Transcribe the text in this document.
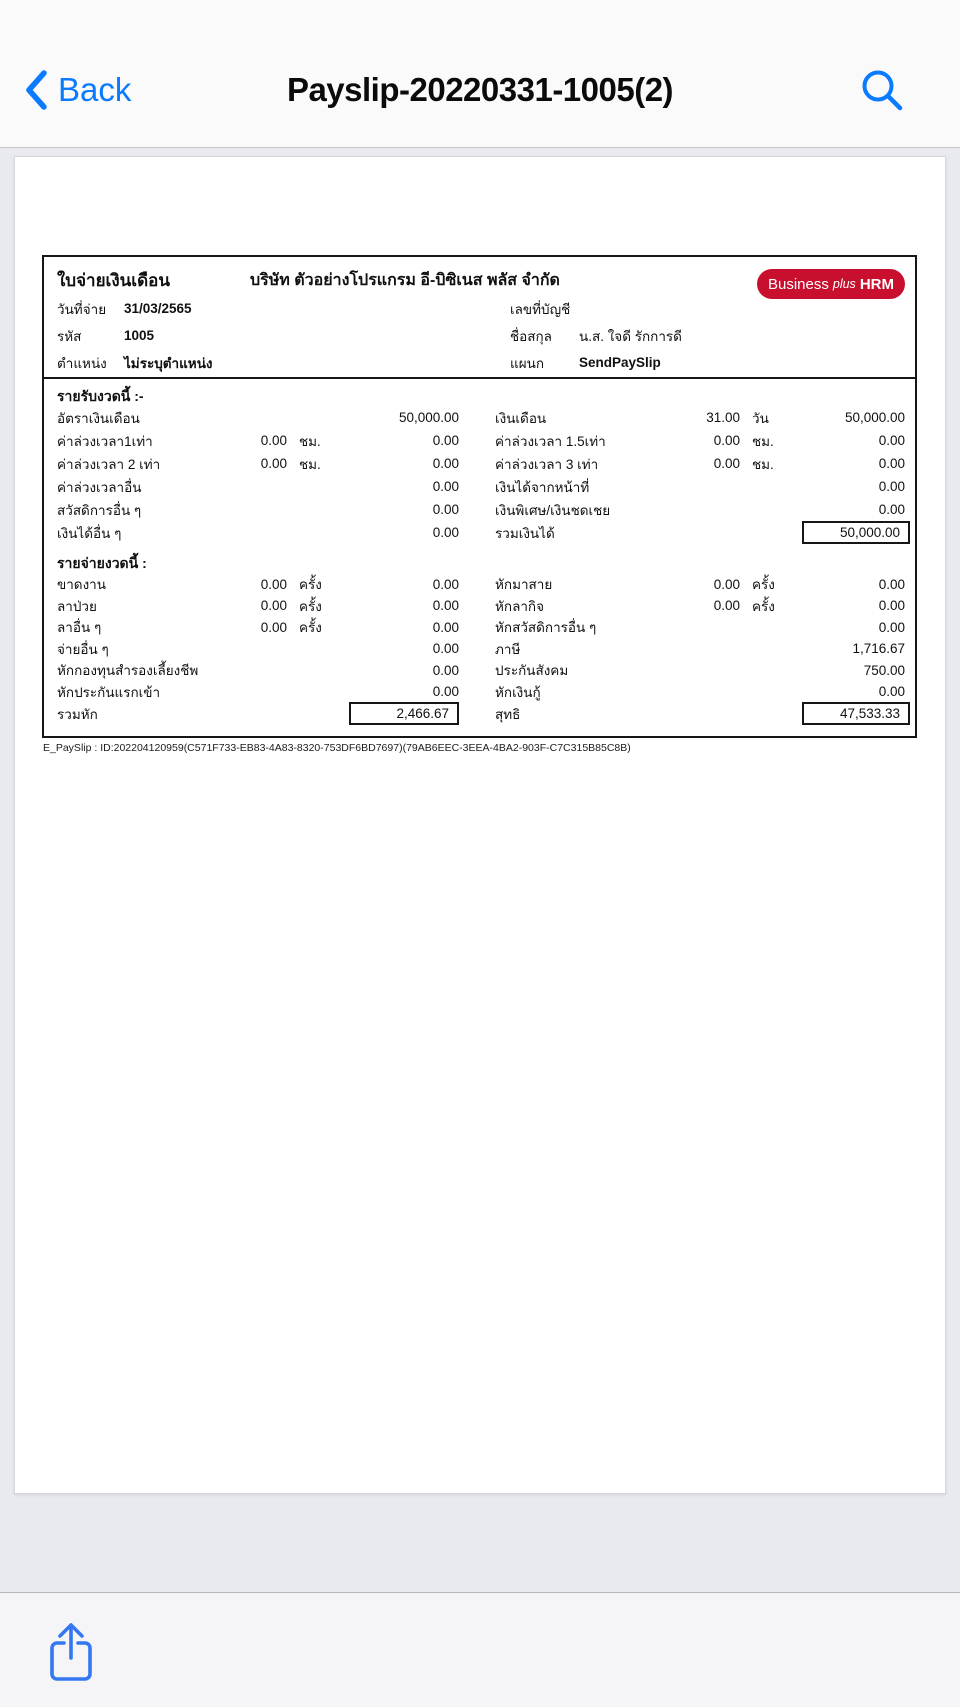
Back	Payslip-20220331-1005(2)
ใบจ่ายเงินเดือน	บริษัท ตัวอย่างโปรแกรม อี-บิซิเนส พลัส จำกัด	Business plus HRM
วันที่จ่าย	31/03/2565	เลขที่บัญชี
รหัส	1005	ชื่อสกุล	น.ส. ใจดี รักการดี
ตำแหน่ง	ไม่ระบุตำแหน่ง	แผนก	SendPaySlip
รายรับงวดนี้ :-
อัตราเงินเดือน	50,000.00	เงินเดือน	31.00 วัน	50,000.00
ค่าล่วงเวลา1เท่า	0.00 ชม.	0.00	ค่าล่วงเวลา 1.5เท่า	0.00 ชม.	0.00
ค่าล่วงเวลา 2 เท่า	0.00 ชม.	0.00	ค่าล่วงเวลา 3 เท่า	0.00 ชม.	0.00
ค่าล่วงเวลาอื่น	0.00	เงินได้จากหน้าที่	0.00
สวัสดิการอื่น ๆ	0.00	เงินพิเศษ/เงินชดเชย	0.00
เงินได้อื่น ๆ	0.00	รวมเงินได้	50,000.00
รายจ่ายงวดนี้ :
ขาดงาน	0.00 ครั้ง	0.00	หักมาสาย	0.00 ครั้ง	0.00
ลาป่วย	0.00 ครั้ง	0.00	หักลากิจ	0.00 ครั้ง	0.00
ลาอื่น ๆ	0.00 ครั้ง	0.00	หักสวัสดิการอื่น ๆ	0.00
จ่ายอื่น ๆ	0.00	ภาษี	1,716.67
หักกองทุนสำรองเลี้ยงชีพ	0.00	ประกันสังคม	750.00
หักประกันแรกเข้า	0.00	หักเงินกู้	0.00
รวมหัก	2,466.67	สุทธิ	47,533.33
E_PaySlip : ID:202204120959(C571F733-EB83-4A83-8320-753DF6BD7697)(79AB6EEC-3EEA-4BA2-903F-C7C315B85C8B)
